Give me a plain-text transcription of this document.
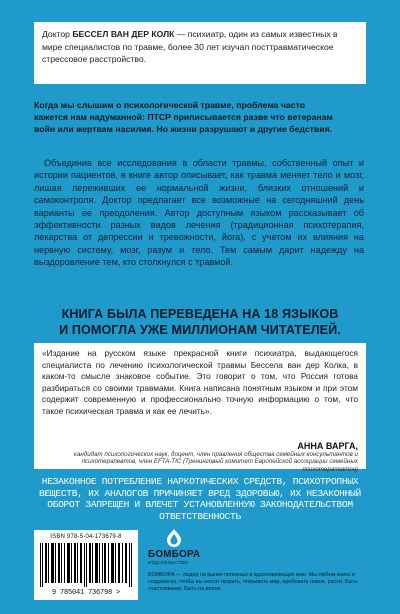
Доктор БЕССЕЛ ВАН ДЕР КОЛК — психиатр, один из самых известных в мире специалистов по травме, более 30 лет изучал посттравматическое стрессовое расстройство.
Когда мы слышим о психологической травме, проблема часто кажется нам надуманной: ПТСР приписывается разве что ветеранам войн или жертвам насилия. Но жизни разрушают и другие бедствия.
Объединив все исследования в области травмы, собственный опыт и истории пациентов, в книге автор описывает, как травма меняет тело и мозг, лишая переживших ее нормальной жизни, близких отношений и самоконтроля. Доктор предлагает все возможные на сегодняшний день варианты ее преодоления. Автор доступным языком рассказывает об эффективности разных видов лечения (традиционная психотерапия, лекарства от депрессии и тревожности, йога), с учетом их влияния на нервную систему, мозг, разум и тело. Тем самым дарит надежду на выздоровление тем, кто столкнулся с травмой.
КНИГА БЫЛА ПЕРЕВЕДЕНА НА 18 ЯЗЫКОВ
И ПОМОГЛА УЖЕ МИЛЛИОНАМ ЧИТАТЕЛЕЙ.
«Издание на русском языке прекрасной книги психиатра, выдающегося специалиста по лечению психологической травмы Бессела ван дер Колка, в каком-то смысле знаковое событие. Это говорит о том, что Россия готова разбираться со своими травмами. Книга написана понятным языком и при этом содержит современную и профессионально точную информацию о том, что такое психическая травма и как ее лечить».
АННА ВАРГА,
кандидат психологических наук, доцент, член правления общества семейных консультантов и психотерапевтов, член EFTA-TIC (Тренинговый комитет Европейской ассоциации семейных психотерапевтов)
НЕЗАКОННОЕ ПОТРЕБЛЕНИЕ НАРКОТИЧЕСКИХ СРЕДСТВ, ПСИХОТРОПНЫХ ВЕЩЕСТВ, ИХ АНАЛОГОВ ПРИЧИНЯЕТ ВРЕД ЗДОРОВЬЮ, ИХ НЕЗАКОННЫЙ ОБОРОТ ЗАПРЕЩЕН И ВЛЕЧЕТ УСТАНОВЛЕННУЮ ЗАКОНОДАТЕЛЬСТВОМ ОТВЕТСТВЕННОСТЬ
ISBN 978-5-04-173679-8
9 785041 736798 >
БОМБОРА
ИЗДАТЕЛЬСТВО
БОМБОРА — лидер на рынке полезных и вдохновляющих книг. Мы любим книги и создаем их, чтобы вы могли творить, открывать мир, пробовать новое, расти. Быть счастливыми. Быть на волне.
